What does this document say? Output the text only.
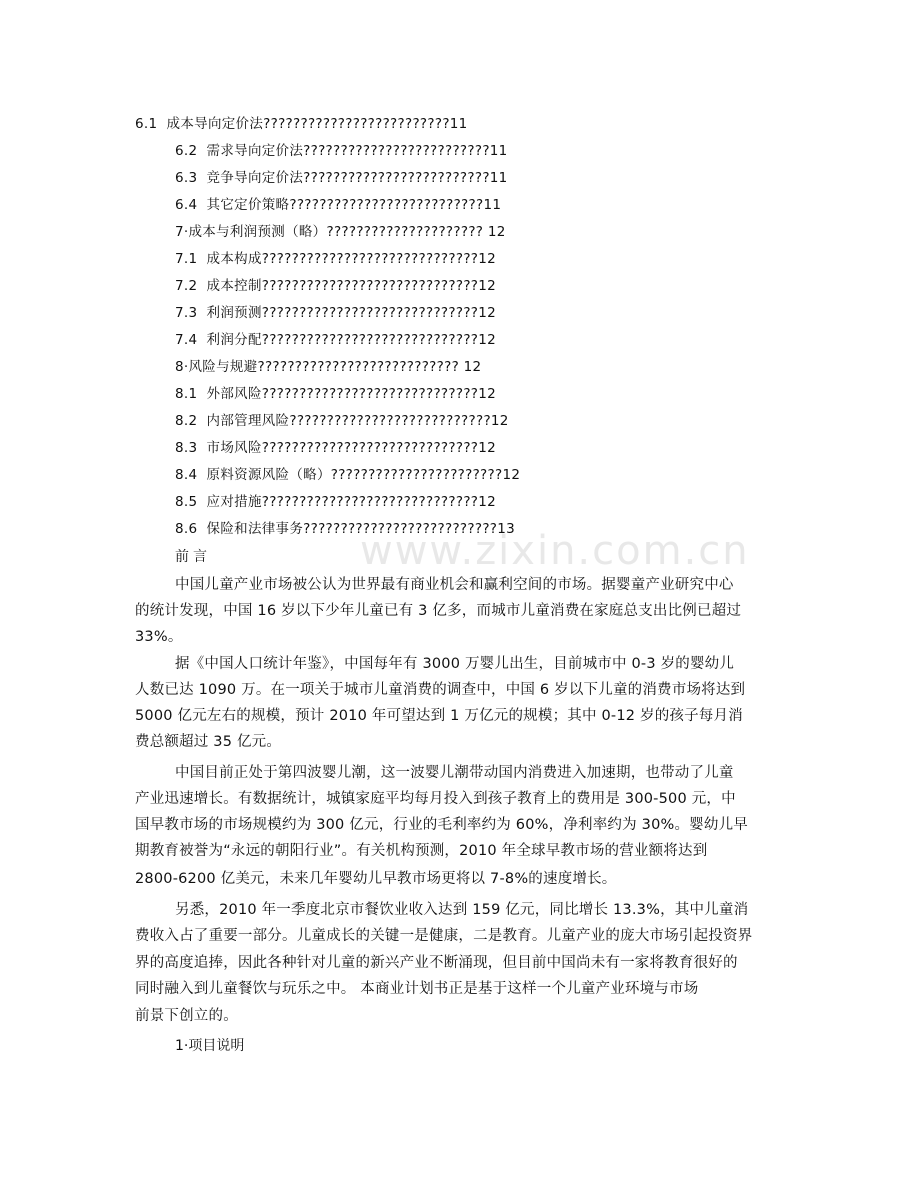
www.zixin.com.cn
6.1  成本导向定价法?????????????????????????11
6.2  需求导向定价法?????????????????????????11
6.3  竞争导向定价法?????????????????????????11
6.4  其它定价策略??????????????????????????11
7·成本与利润预测（略）????????????????????? 12
7.1  成本构成?????????????????????????????12
7.2  成本控制?????????????????????????????12
7.3  利润预测?????????????????????????????12
7.4  利润分配?????????????????????????????12
8·风险与规避??????????????????????????? 12
8.1  外部风险?????????????????????????????12
8.2  内部管理风险???????????????????????????12
8.3  市场风险?????????????????????????????12
8.4  原料资源风险（略）???????????????????????12
8.5  应对措施?????????????????????????????12
8.6  保险和法律事务??????????????????????????13
前言
中国儿童产业市场被公认为世界最有商业机会和赢利空间的市场。据婴童产业研究中心
的统计发现，中国 16 岁以下少年儿童已有 3 亿多，而城市儿童消费在家庭总支出比例已超过
33%。
据《中国人口统计年鉴》，中国每年有 3000 万婴儿出生，目前城市中 0-3 岁的婴幼儿
人数已达 1090 万。在一项关于城市儿童消费的调查中，中国 6 岁以下儿童的消费市场将达到
5000 亿元左右的规模，预计 2010 年可望达到 1 万亿元的规模；其中 0-12 岁的孩子每月消
费总额超过 35 亿元。
中国目前正处于第四波婴儿潮，这一波婴儿潮带动国内消费进入加速期，也带动了儿童
产业迅速增长。有数据统计，城镇家庭平均每月投入到孩子教育上的费用是 300-500 元，中
国早教市场的市场规模约为 300 亿元，行业的毛利率约为 60%，净利率约为 30%。婴幼儿早
期教育被誉为“永远的朝阳行业”。有关机构预测，2010 年全球早教市场的营业额将达到
2800-6200 亿美元，未来几年婴幼儿早教市场更将以 7-8%的速度增长。
另悉，2010 年一季度北京市餐饮业收入达到 159 亿元，同比增长 13.3%，其中儿童消
费收入占了重要一部分。儿童成长的关键一是健康，二是教育。儿童产业的庞大市场引起投资界
界的高度追捧，因此各种针对儿童的新兴产业不断涌现，但目前中国尚未有一家将教育很好的
同时融入到儿童餐饮与玩乐之中。 本商业计划书正是基于这样一个儿童产业环境与市场
前景下创立的。
1·项目说明
